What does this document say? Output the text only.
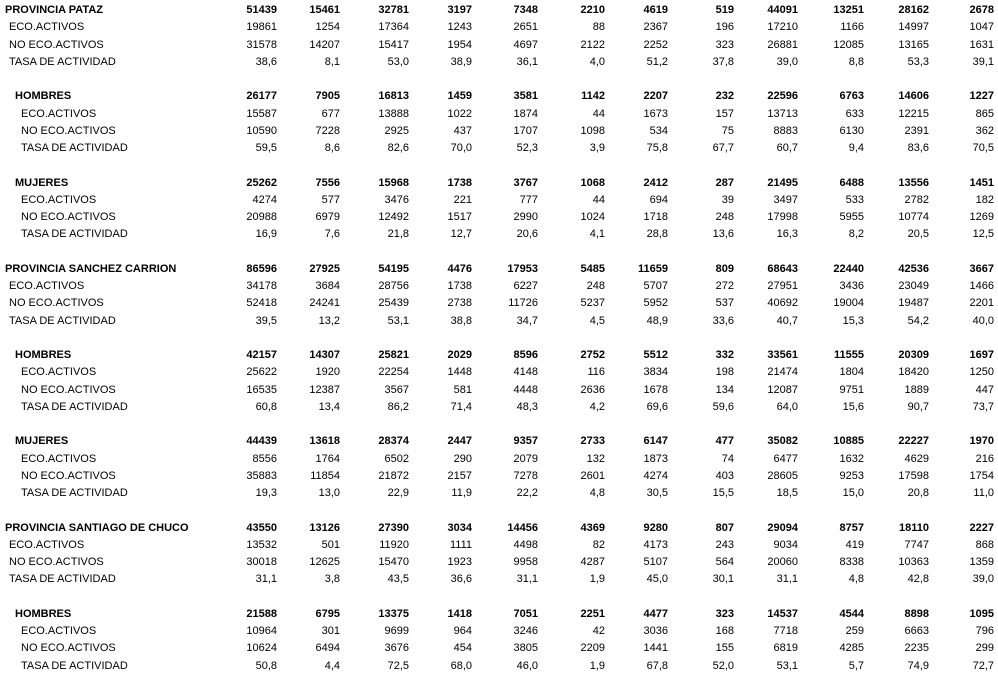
PROVINCIA PATAZ	51439	15461	32781	3197	7348	2210	4619	519	44091	13251	28162	2678
ECO.ACTIVOS	19861	1254	17364	1243	2651	88	2367	196	17210	1166	14997	1047
NO ECO.ACTIVOS	31578	14207	15417	1954	4697	2122	2252	323	26881	12085	13165	1631
TASA DE ACTIVIDAD	38,6	8,1	53,0	38,9	36,1	4,0	51,2	37,8	39,0	8,8	53,3	39,1
HOMBRES	26177	7905	16813	1459	3581	1142	2207	232	22596	6763	14606	1227
ECO.ACTIVOS	15587	677	13888	1022	1874	44	1673	157	13713	633	12215	865
NO ECO.ACTIVOS	10590	7228	2925	437	1707	1098	534	75	8883	6130	2391	362
TASA DE ACTIVIDAD	59,5	8,6	82,6	70,0	52,3	3,9	75,8	67,7	60,7	9,4	83,6	70,5
MUJERES	25262	7556	15968	1738	3767	1068	2412	287	21495	6488	13556	1451
ECO.ACTIVOS	4274	577	3476	221	777	44	694	39	3497	533	2782	182
NO ECO.ACTIVOS	20988	6979	12492	1517	2990	1024	1718	248	17998	5955	10774	1269
TASA DE ACTIVIDAD	16,9	7,6	21,8	12,7	20,6	4,1	28,8	13,6	16,3	8,2	20,5	12,5
PROVINCIA SANCHEZ CARRION	86596	27925	54195	4476	17953	5485	11659	809	68643	22440	42536	3667
ECO.ACTIVOS	34178	3684	28756	1738	6227	248	5707	272	27951	3436	23049	1466
NO ECO.ACTIVOS	52418	24241	25439	2738	11726	5237	5952	537	40692	19004	19487	2201
TASA DE ACTIVIDAD	39,5	13,2	53,1	38,8	34,7	4,5	48,9	33,6	40,7	15,3	54,2	40,0
HOMBRES	42157	14307	25821	2029	8596	2752	5512	332	33561	11555	20309	1697
ECO.ACTIVOS	25622	1920	22254	1448	4148	116	3834	198	21474	1804	18420	1250
NO ECO.ACTIVOS	16535	12387	3567	581	4448	2636	1678	134	12087	9751	1889	447
TASA DE ACTIVIDAD	60,8	13,4	86,2	71,4	48,3	4,2	69,6	59,6	64,0	15,6	90,7	73,7
MUJERES	44439	13618	28374	2447	9357	2733	6147	477	35082	10885	22227	1970
ECO.ACTIVOS	8556	1764	6502	290	2079	132	1873	74	6477	1632	4629	216
NO ECO.ACTIVOS	35883	11854	21872	2157	7278	2601	4274	403	28605	9253	17598	1754
TASA DE ACTIVIDAD	19,3	13,0	22,9	11,9	22,2	4,8	30,5	15,5	18,5	15,0	20,8	11,0
PROVINCIA SANTIAGO DE CHUCO	43550	13126	27390	3034	14456	4369	9280	807	29094	8757	18110	2227
ECO.ACTIVOS	13532	501	11920	1111	4498	82	4173	243	9034	419	7747	868
NO ECO.ACTIVOS	30018	12625	15470	1923	9958	4287	5107	564	20060	8338	10363	1359
TASA DE ACTIVIDAD	31,1	3,8	43,5	36,6	31,1	1,9	45,0	30,1	31,1	4,8	42,8	39,0
HOMBRES	21588	6795	13375	1418	7051	2251	4477	323	14537	4544	8898	1095
ECO.ACTIVOS	10964	301	9699	964	3246	42	3036	168	7718	259	6663	796
NO ECO.ACTIVOS	10624	6494	3676	454	3805	2209	1441	155	6819	4285	2235	299
TASA DE ACTIVIDAD	50,8	4,4	72,5	68,0	46,0	1,9	67,8	52,0	53,1	5,7	74,9	72,7
